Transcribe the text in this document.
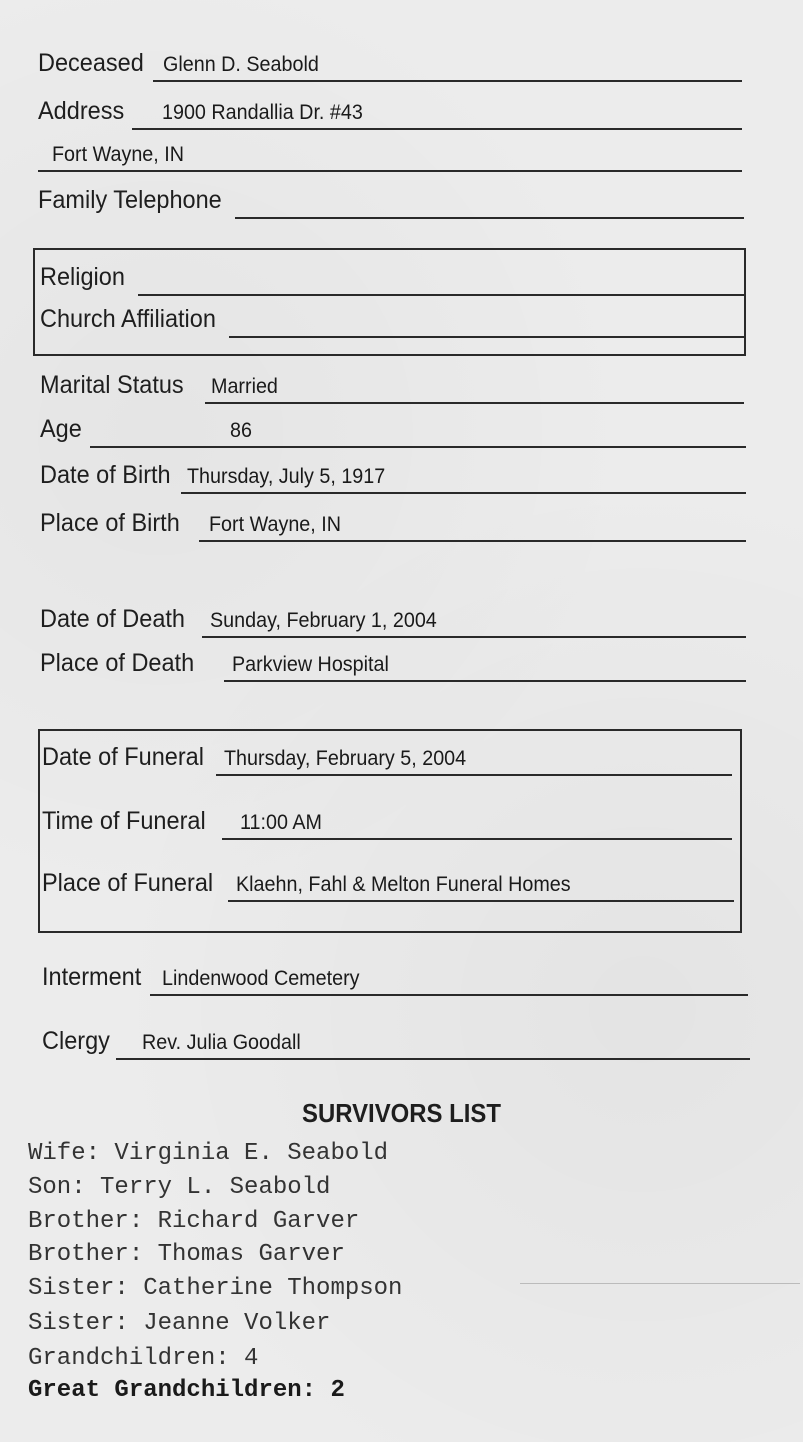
Deceased Glenn D. Seabold
Address 1900 Randallia Dr. #43
Fort Wayne, IN
Family Telephone
Religion
Church Affiliation
Marital Status Married
Age	86
Date of Birth Thursday, July 5, 1917
Place of Birth Fort Wayne, IN
Date of Death Sunday, February 1, 2004
Place of Death Parkview Hospital
Date of Funeral Thursday, February 5, 2004
Time of Funeral 11:00 AM
Place of Funeral Klaehn, Fahl & Melton Funeral Homes
Interment Lindenwood Cemetery
Clergy Rev. Julia Goodall
SURVIVORS LIST
Wife: Virginia E. Seabold
Son: Terry L. Seabold
Brother: Richard Garver
Brother: Thomas Garver
Sister: Catherine Thompson
Sister: Jeanne Volker
Grandchildren: 4
Great Grandchildren: 2
